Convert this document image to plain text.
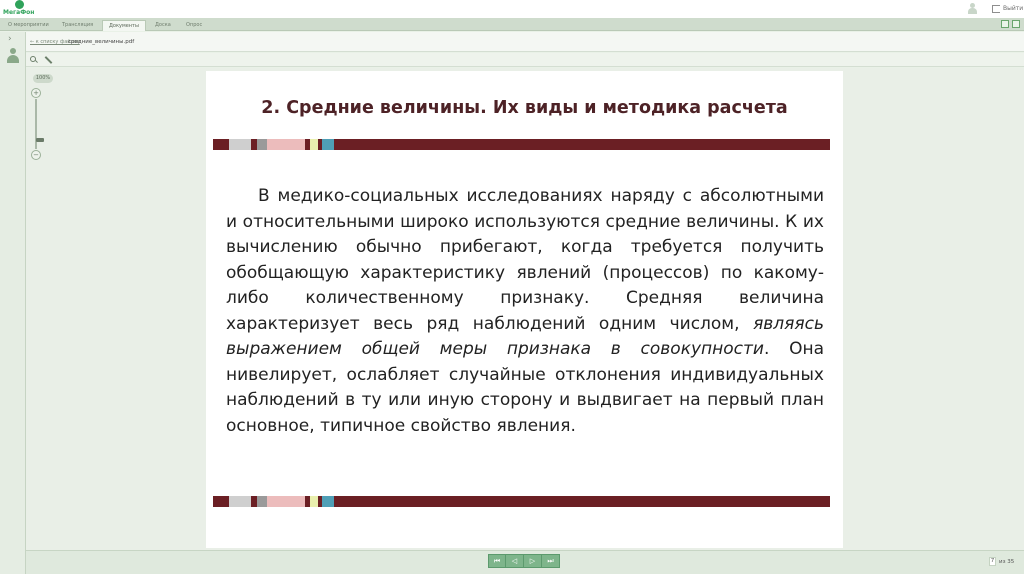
МегаФон
Выйти
О мероприятии	Трансляция	Документы	Доска	Опрос
›	← к списку файлов
средние_величины.pdf
100%
+
−
2. Средние величины. Их виды и методика расчета
В медико-социальных исследованиях наряду с абсолютными и относительными широко используются средние величины. К их вычислению обычно прибегают, когда требуется получить обобщающую характеристику явлений (процессов) по какому-либо количественному признаку. Средняя величина характеризует весь ряд наблюдений одним числом, являясь выражением общей меры признака в совокупности. Она нивелирует, ослабляет случайные отклонения индивидуальных наблюдений в ту или иную сторону и выдвигает на первый план основное, типичное свойство явления.
⏮	◁	▷	⏭	7 из 35
